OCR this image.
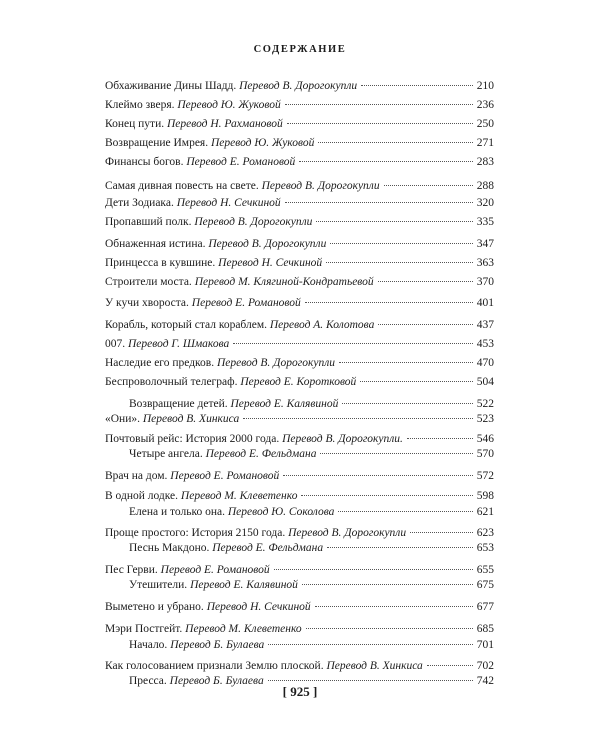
СОДЕРЖАНИЕ
Обхаживание Дины Шадд. Перевод В. Дорогокупли	210
Клеймо зверя. Перевод Ю. Жуковой	236
Конец пути. Перевод Н. Рахмановой	250
Возвращение Имрея. Перевод Ю. Жуковой	271
Финансы богов. Перевод Е. Романовой	283
Самая дивная повесть на свете. Перевод В. Дорогокупли	288
Дети Зодиака. Перевод Н. Сечкиной	320
Пропавший полк. Перевод В. Дорогокупли	335
Обнаженная истина. Перевод В. Дорогокупли	347
Принцесса в кувшине. Перевод Н. Сечкиной	363
Строители моста. Перевод М. Клягиной-Кондратьевой	370
У кучи хвороста. Перевод Е. Романовой	401
Корабль, который стал кораблем. Перевод А. Колотова	437
007. Перевод Г. Шмакова	453
Наследие его предков. Перевод В. Дорогокупли	470
Беспроволочный телеграф. Перевод Е. Коротковой	504
Возвращение детей. Перевод Е. Калявиной	522
«Они». Перевод В. Хинкиса	523
Почтовый рейс: История 2000 года. Перевод В. Дорогокупли.	546
Четыре ангела. Перевод Е. Фельдмана	570
Врач на дом. Перевод Е. Романовой	572
В одной лодке. Перевод М. Клеветенко	598
Елена и только она. Перевод Ю. Соколова	621
Проще простого: История 2150 года. Перевод В. Дорогокупли	623
Песнь Макдонo. Перевод Е. Фельдмана	653
Пес Герви. Перевод Е. Романовой	655
Утешители. Перевод Е. Калявиной	675
Выметено и убрано. Перевод Н. Сечкиной	677
Мэри Постгейт. Перевод М. Клеветенко	685
Начало. Перевод Б. Булаева	701
Как голосованием признали Землю плоской. Перевод В. Хинкиса	702
Пресса. Перевод Б. Булаева	742
[ 925 ]
